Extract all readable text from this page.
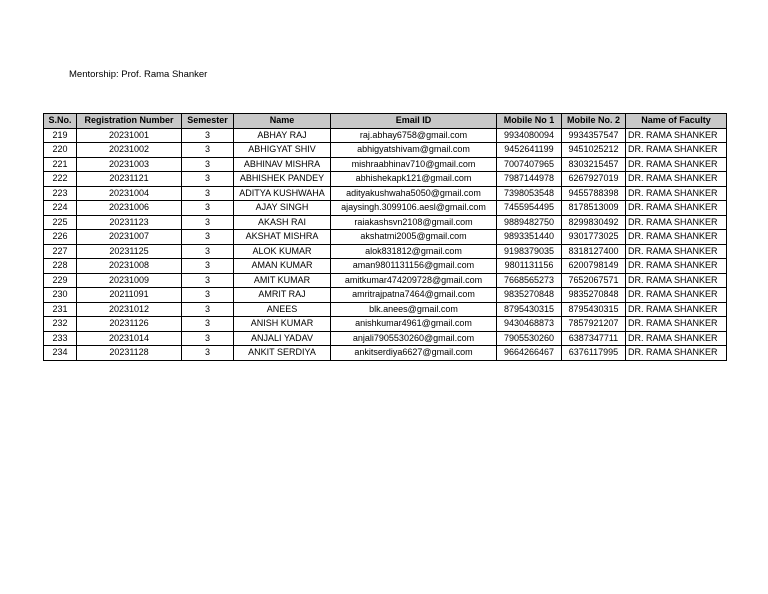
Mentorship: Prof. Rama Shanker
S.No.	Registration Number	Semester	Name	Email ID	Mobile No 1	Mobile No. 2	Name of Faculty
219	20231001	3	ABHAY RAJ	raj.abhay6758@gmail.com	9934080094	9934357547	DR. RAMA SHANKER
220	20231002	3	ABHIGYAT SHIV	abhigyatshivam@gmail.com	9452641199	9451025212	DR. RAMA SHANKER
221	20231003	3	ABHINAV MISHRA	mishraabhinav710@gmail.com	7007407965	8303215457	DR. RAMA SHANKER
222	20231121	3	ABHISHEK PANDEY	abhishekapk121@gmail.com	7987144978	6267927019	DR. RAMA SHANKER
223	20231004	3	ADITYA KUSHWAHA	adityakushwaha5050@gmail.com	7398053548	9455788398	DR. RAMA SHANKER
224	20231006	3	AJAY SINGH	ajaysingh.3099106.aesl@gmail.com	7455954495	8178513009	DR. RAMA SHANKER
225	20231123	3	AKASH RAI	raiakashsvn2108@gmail.com	9889482750	8299830492	DR. RAMA SHANKER
226	20231007	3	AKSHAT MISHRA	akshatmi2005@gmail.com	9893351440	9301773025	DR. RAMA SHANKER
227	20231125	3	ALOK KUMAR	alok831812@gmail.com	9198379035	8318127400	DR. RAMA SHANKER
228	20231008	3	AMAN KUMAR	aman9801131156@gmail.com	9801131156	6200798149	DR. RAMA SHANKER
229	20231009	3	AMIT KUMAR	amitkumar474209728@gmail.com	7668565273	7652067571	DR. RAMA SHANKER
230	20211091	3	AMRIT RAJ	amritrajpatna7464@gmail.com	9835270848	9835270848	DR. RAMA SHANKER
231	20231012	3	ANEES	blk.anees@gmail.com	8795430315	8795430315	DR. RAMA SHANKER
232	20231126	3	ANISH KUMAR	anishkumar4961@gmail.com	9430468873	7857921207	DR. RAMA SHANKER
233	20231014	3	ANJALI YADAV	anjali7905530260@gmail.com	7905530260	6387347711	DR. RAMA SHANKER
234	20231128	3	ANKIT SERDIYA	ankitserdiya6627@gmail.com	9664266467	6376117995	DR. RAMA SHANKER
